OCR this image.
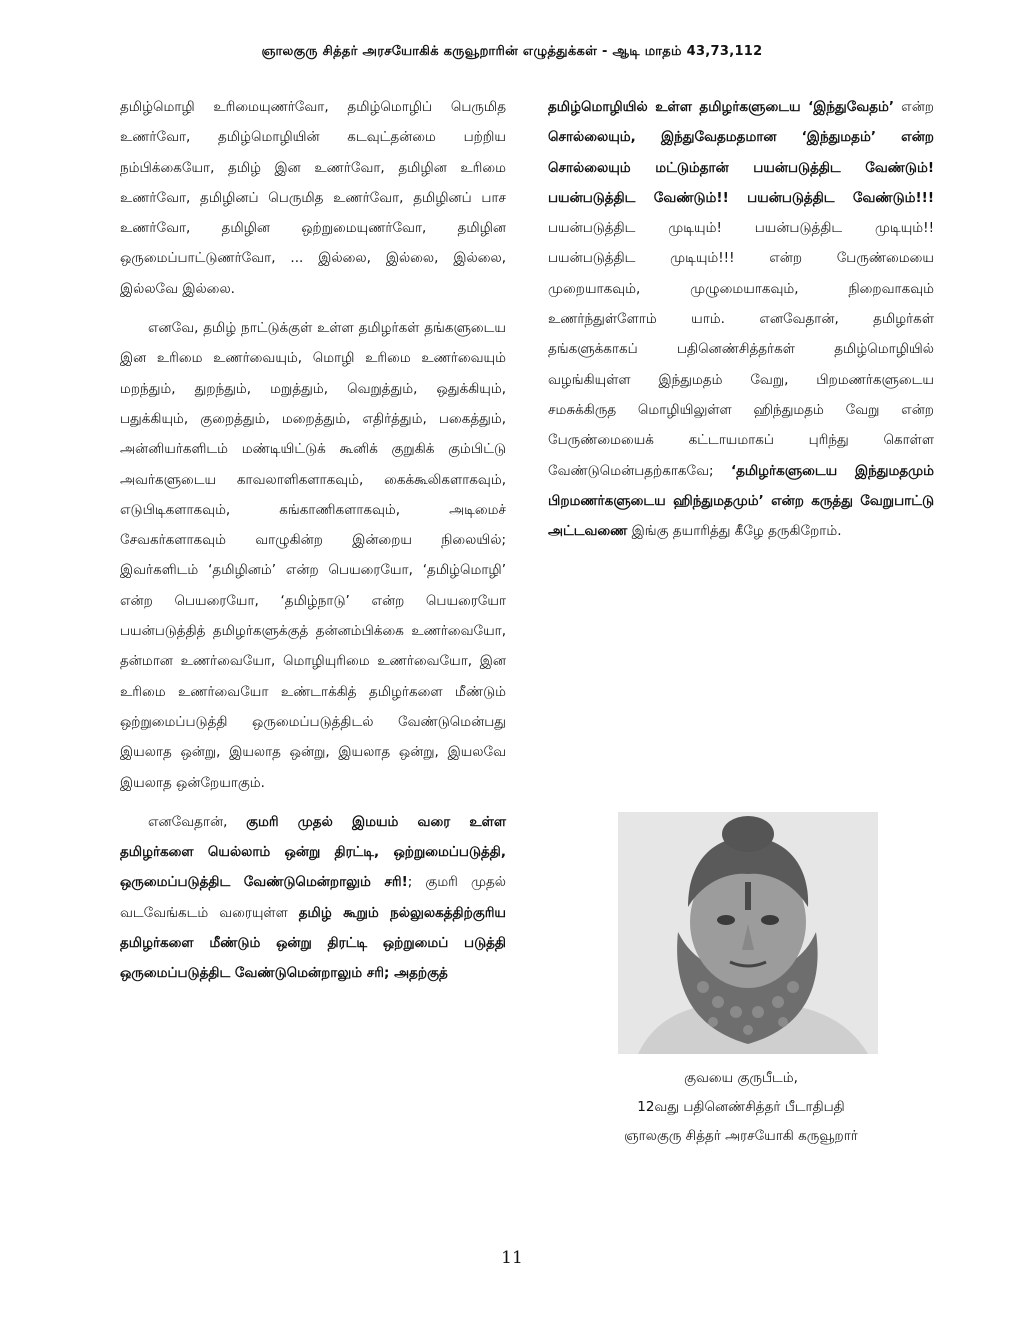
ஞாலகுரு சித்தர் அரசயோகிக் கருவூறாரின் எழுத்துக்கள் - ஆடி மாதம் 43,73,112

தமிழ்மொழி உரிமையுணர்வோ, தமிழ்மொழிப் பெருமித உணர்வோ, தமிழ்மொழியின் கடவுட்தன்மை பற்றிய நம்பிக்கையோ, தமிழ் இன உணர்வோ, தமிழின உரிமை உணர்வோ, தமிழினப் பெருமித உணர்வோ, தமிழினப் பாச உணர்வோ, தமிழின ஒற்றுமையுணர்வோ, தமிழின ஒருமைப்பாட்டுணர்வோ, ... இல்லை, இல்லை, இல்லை, இல்லவே இல்லை.

எனவே, தமிழ் நாட்டுக்குள் உள்ள தமிழர்கள் தங்களுடைய இன உரிமை உணர்வையும், மொழி உரிமை உணர்வையும் மறந்தும், துறந்தும், மறுத்தும், வெறுத்தும், ஒதுக்கியும், பதுக்கியும், குறைத்தும், மறைத்தும், எதிர்த்தும், பகைத்தும், அன்னியர்களிடம் மண்டியிட்டுக் கூனிக் குறுகிக் கும்பிட்டு அவர்களுடைய காவலாளிகளாகவும், கைக்கூலிகளாகவும், எடுபிடிகளாகவும், கங்காணிகளாகவும், அடிமைச் சேவகர்களாகவும் வாழுகின்ற இன்றைய நிலையில்; இவர்களிடம் ‘தமிழினம்’ என்ற பெயரையோ, ‘தமிழ்மொழி’ என்ற பெயரையோ, ‘தமிழ்நாடு’ என்ற பெயரையோ பயன்படுத்தித் தமிழர்களுக்குத் தன்னம்பிக்கை உணர்வையோ, தன்மான உணர்வையோ, மொழியுரிமை உணர்வையோ, இன உரிமை உணர்வையோ உண்டாக்கித் தமிழர்களை மீண்டும் ஒற்றுமைப்படுத்தி ஒருமைப்படுத்திடல் வேண்டுமென்பது இயலாத ஒன்று, இயலாத ஒன்று, இயலாத ஒன்று, இயலவே இயலாத ஒன்றேயாகும்.

எனவேதான், குமரி முதல் இமயம் வரை உள்ள தமிழர்களை யெல்லாம் ஒன்று திரட்டி, ஒற்றுமைப்படுத்தி, ஒருமைப்படுத்திட வேண்டுமென்றாலும் சரி!; குமரி முதல் வடவேங்கடம் வரையுள்ள தமிழ் கூறும் நல்லுலகத்திற்குரிய தமிழர்களை மீண்டும் ஒன்று திரட்டி ஒற்றுமைப் படுத்தி ஒருமைப்படுத்திட வேண்டுமென்றாலும் சரி; அதற்குத்

தமிழ்மொழியில் உள்ள தமிழர்களுடைய ‘இந்துவேதம்’ என்ற சொல்லையும், இந்துவேதமதமான ‘இந்துமதம்’ என்ற சொல்லையும் மட்டும்தான் பயன்படுத்திட வேண்டும்! பயன்படுத்திட வேண்டும்!! பயன்படுத்திட வேண்டும்!!! பயன்படுத்திட முடியும்! பயன்படுத்திட முடியும்!! பயன்படுத்திட முடியும்!!! என்ற பேருண்மையை முறையாகவும், முழுமையாகவும், நிறைவாகவும் உணர்ந்துள்ளோம் யாம். எனவேதான், தமிழர்கள் தங்களுக்காகப் பதினெண்சித்தர்கள் தமிழ்மொழியில் வழங்கியுள்ள இந்துமதம் வேறு, பிறமணர்களுடைய சமசுக்கிருத மொழியிலுள்ள ஹிந்துமதம் வேறு என்ற பேருண்மையைக் கட்டாயமாகப் புரிந்து கொள்ள வேண்டுமென்பதற்காகவே; ‘தமிழர்களுடைய இந்துமதமும் பிறமணர்களுடைய ஹிந்துமதமும்’ என்ற கருத்து வேறுபாட்டு அட்டவணை இங்கு தயாரித்து கீழே தருகிறோம்.

குவயை குருபீடம்,
12வது பதினெண்சித்தர் பீடாதிபதி
ஞாலகுரு சித்தர் அரசயோகி கருவூறார்
11
